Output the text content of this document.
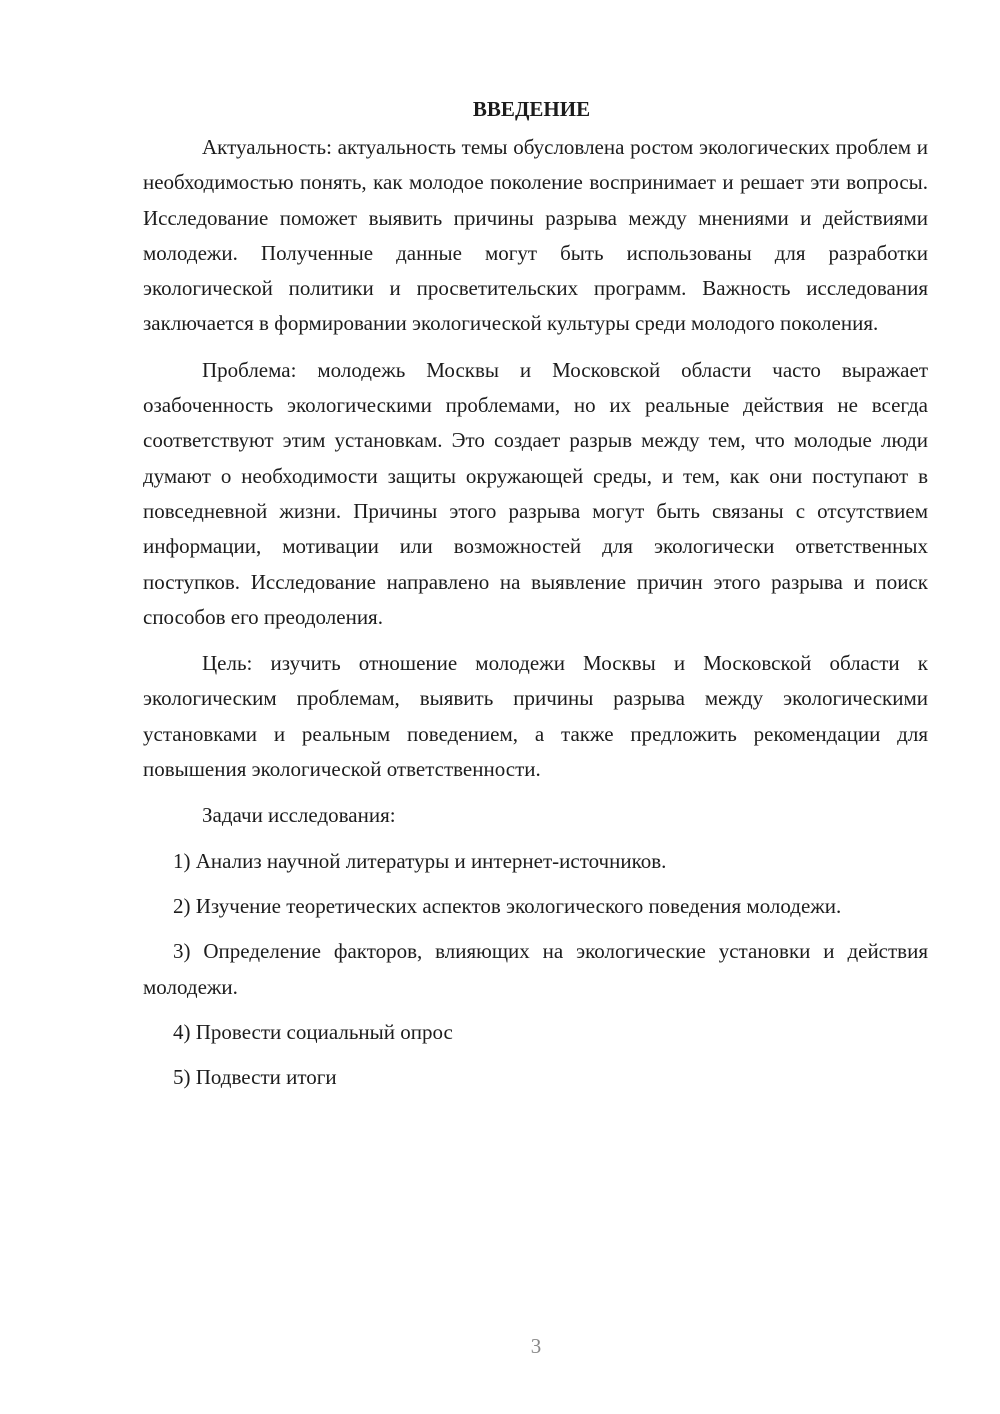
ВВЕДЕНИЕ

Актуальность: актуальность темы обусловлена ростом экологических проблем и необходимостью понять, как молодое поколение воспринимает и решает эти вопросы. Исследование поможет выявить причины разрыва между мнениями и действиями молодежи. Полученные данные могут быть использованы для разработки экологической политики и просветительских программ. Важность исследования заключается в формировании экологической культуры среди молодого поколения.

Проблема: молодежь Москвы и Московской области часто выражает озабоченность экологическими проблемами, но их реальные действия не всегда соответствуют этим установкам. Это создает разрыв между тем, что молодые люди думают о необходимости защиты окружающей среды, и тем, как они поступают в повседневной жизни. Причины этого разрыва могут быть связаны с отсутствием информации, мотивации или возможностей для экологически ответственных поступков. Исследование направлено на выявление причин этого разрыва и поиск способов его преодоления.

Цель: изучить отношение молодежи Москвы и Московской области к экологическим проблемам, выявить причины разрыва между экологическими установками и реальным поведением, а также предложить рекомендации для повышения экологической ответственности.

Задачи исследования:

1) Анализ научной литературы и интернет-источников.

2) Изучение теоретических аспектов экологического поведения молодежи.

3) Определение факторов, влияющих на экологические установки и действия молодежи.

4) Провести социальный опрос

5) Подвести итоги

3
